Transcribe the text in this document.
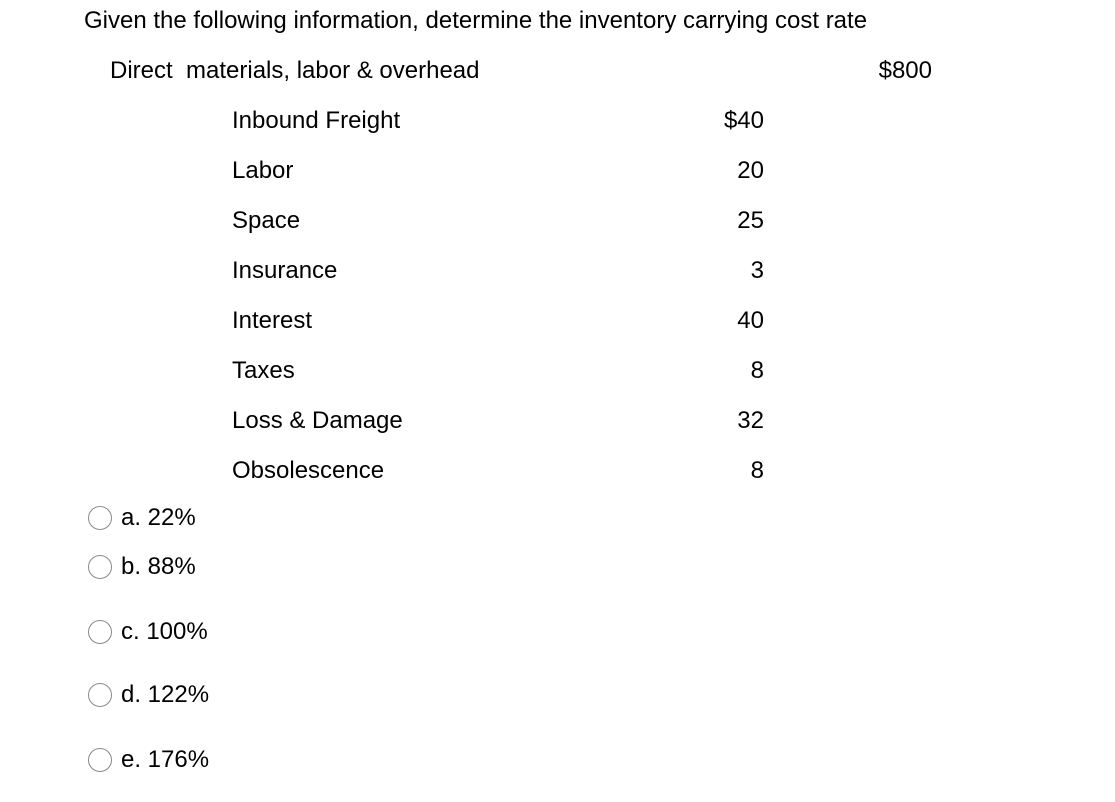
Given the following information, determine the inventory carrying cost rate
Direct  materials, labor & overhead	$800
Inbound Freight	$40
Labor	20
Space	25
Insurance	3
Interest	40
Taxes	8
Loss & Damage	32
Obsolescence	8
a. 22%
b. 88%
c. 100%
d. 122%
e. 176%
